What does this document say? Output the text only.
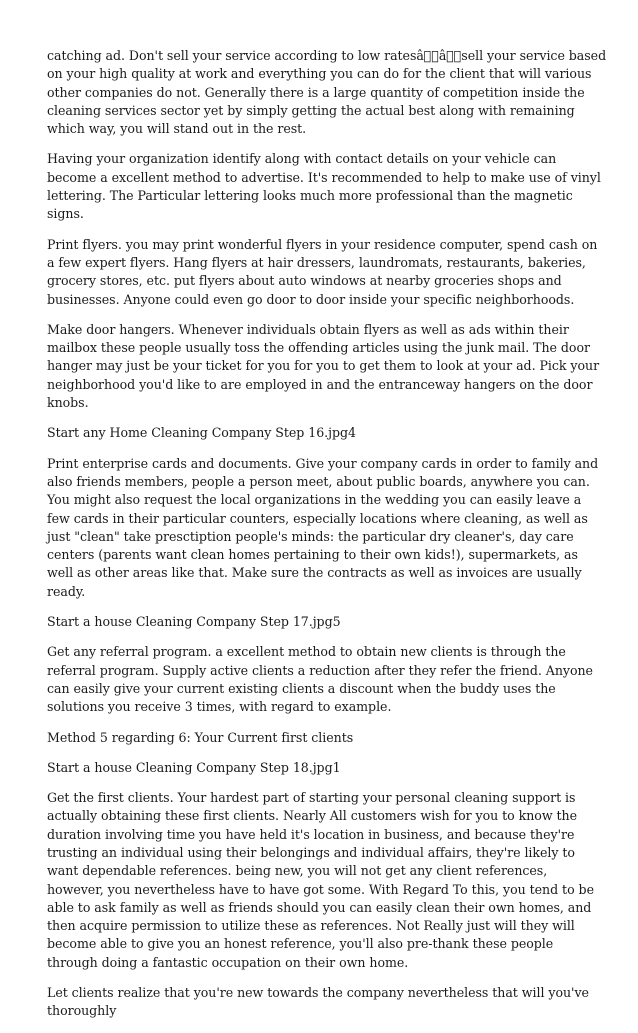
catching ad. Don't sell your service according to low ratesâ  â  sell your service based on your high quality at work and everything you can do for the client that will various other companies do not. Generally there is a large quantity of competition inside the cleaning services sector yet by simply getting the actual best along with remaining which way, you will stand out in the rest.

Having your organization identify along with contact details on your vehicle can become a excellent method to advertise. It's recommended to help to make use of vinyl lettering. The Particular lettering looks much more professional than the magnetic signs.

Print flyers. you may print wonderful flyers in your residence computer, spend cash on a few expert flyers. Hang flyers at hair dressers, laundromats, restaurants, bakeries, grocery stores, etc. put flyers about auto windows at nearby groceries shops and businesses. Anyone could even go door to door inside your specific neighborhoods.

Make door hangers. Whenever individuals obtain flyers as well as ads within their mailbox these people usually toss the offending articles using the junk mail. The door hanger may just be your ticket for you for you to get them to look at your ad. Pick your neighborhood you'd like to are employed in and the entranceway hangers on the door knobs.

Start any Home Cleaning Company Step 16.jpg4

Print enterprise cards and documents. Give your company cards in order to family and also friends members, people a person meet, about public boards, anywhere you can. You might also request the local organizations in the wedding you can easily leave a few cards in their particular counters, especially locations where cleaning, as well as just "clean" take presctiption people's minds: the particular dry cleaner's, day care centers (parents want clean homes pertaining to their own kids!), supermarkets, as well as other areas like that. Make sure the contracts as well as invoices are usually ready.

Start a house Cleaning Company Step 17.jpg5

Get any referral program. a excellent method to obtain new clients is through the referral program. Supply active clients a reduction after they refer the friend. Anyone can easily give your current existing clients a discount when the buddy uses the solutions you receive 3 times, with regard to example.

Method 5 regarding 6: Your Current first clients

Start a house Cleaning Company Step 18.jpg1

Get the first clients. Your hardest part of starting your personal cleaning support is actually obtaining these first clients. Nearly All customers wish for you to know the duration involving time you have held it's location in business, and because they're trusting an individual using their belongings and individual affairs, they're likely to want dependable references. being new, you will not get any client references, however, you nevertheless have to have got some. With Regard To this, you tend to be able to ask family as well as friends should you can easily clean their own homes, and then acquire permission to utilize these as references. Not Really just will they will become able to give you an honest reference, you'll also pre-thank these people through doing a fantastic occupation on their own home.

Let clients realize that you're new towards the company nevertheless that will you've thoroughly
